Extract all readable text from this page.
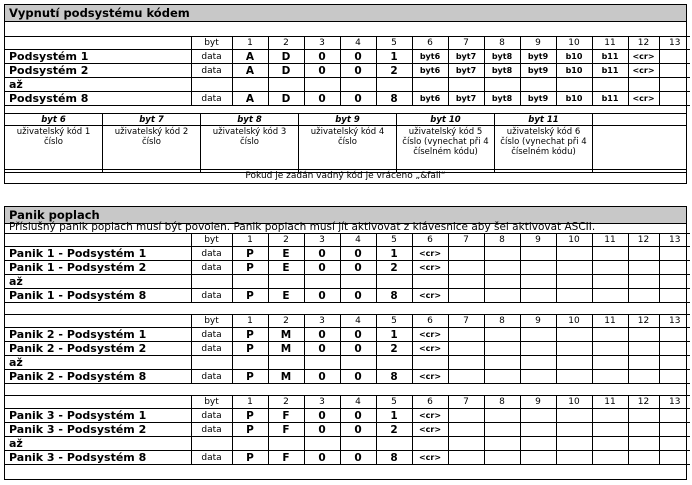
Vypnutí podsystému kódem
	byt	1	2	3	4	5	6	7	8	9	10	11	12	13
Podsystém 1	data	A	D	0	0	1	byt6	byt7	byt8	byt9	b10	b11	<cr>	
Podsystém 2	data	A	D	0	0	2	byt6	byt7	byt8	byt9	b10	b11	<cr>	
až														
Podsystém 8	data	A	D	0	0	8	byt6	byt7	byt8	byt9	b10	b11	<cr>	
byt 6	byt 7	byt 8	byt 9	byt 10	byt 11	
uživatelský kód 1 číslo	uživatelský kód 2 číslo	uživatelský kód 3 číslo	uživatelský kód 4 číslo	uživatelský kód 5 číslo (vynechat při 4 číselném kódu)	uživatelský kód 6 číslo (vynechat při 4 číselném kódu)	
Pokud je zadán vadný kód je vráceno „&fail“
Panik poplach
Příslušný panik poplach musí být povolen. Panik poplach musí jít aktivovat z klávesnice aby šel aktivovat ASCII.
	byt	1	2	3	4	5	6	7	8	9	10	11	12	13
Panik 1 - Podsystém 1	data	P	E	0	0	1	<cr>							
Panik 1 - Podsystém 2	data	P	E	0	0	2	<cr>							
až														
Panik 1 - Podsystém 8	data	P	E	0	0	8	<cr>							
	byt	1	2	3	4	5	6	7	8	9	10	11	12	13
Panik 2 - Podsystém 1	data	P	M	0	0	1	<cr>							
Panik 2 - Podsystém 2	data	P	M	0	0	2	<cr>							
až														
Panik 2 - Podsystém 8	data	P	M	0	0	8	<cr>							
	byt	1	2	3	4	5	6	7	8	9	10	11	12	13
Panik 3 - Podsystém 1	data	P	F	0	0	1	<cr>							
Panik 3 - Podsystém 2	data	P	F	0	0	2	<cr>							
až														
Panik 3 - Podsystém 8	data	P	F	0	0	8	<cr>							
